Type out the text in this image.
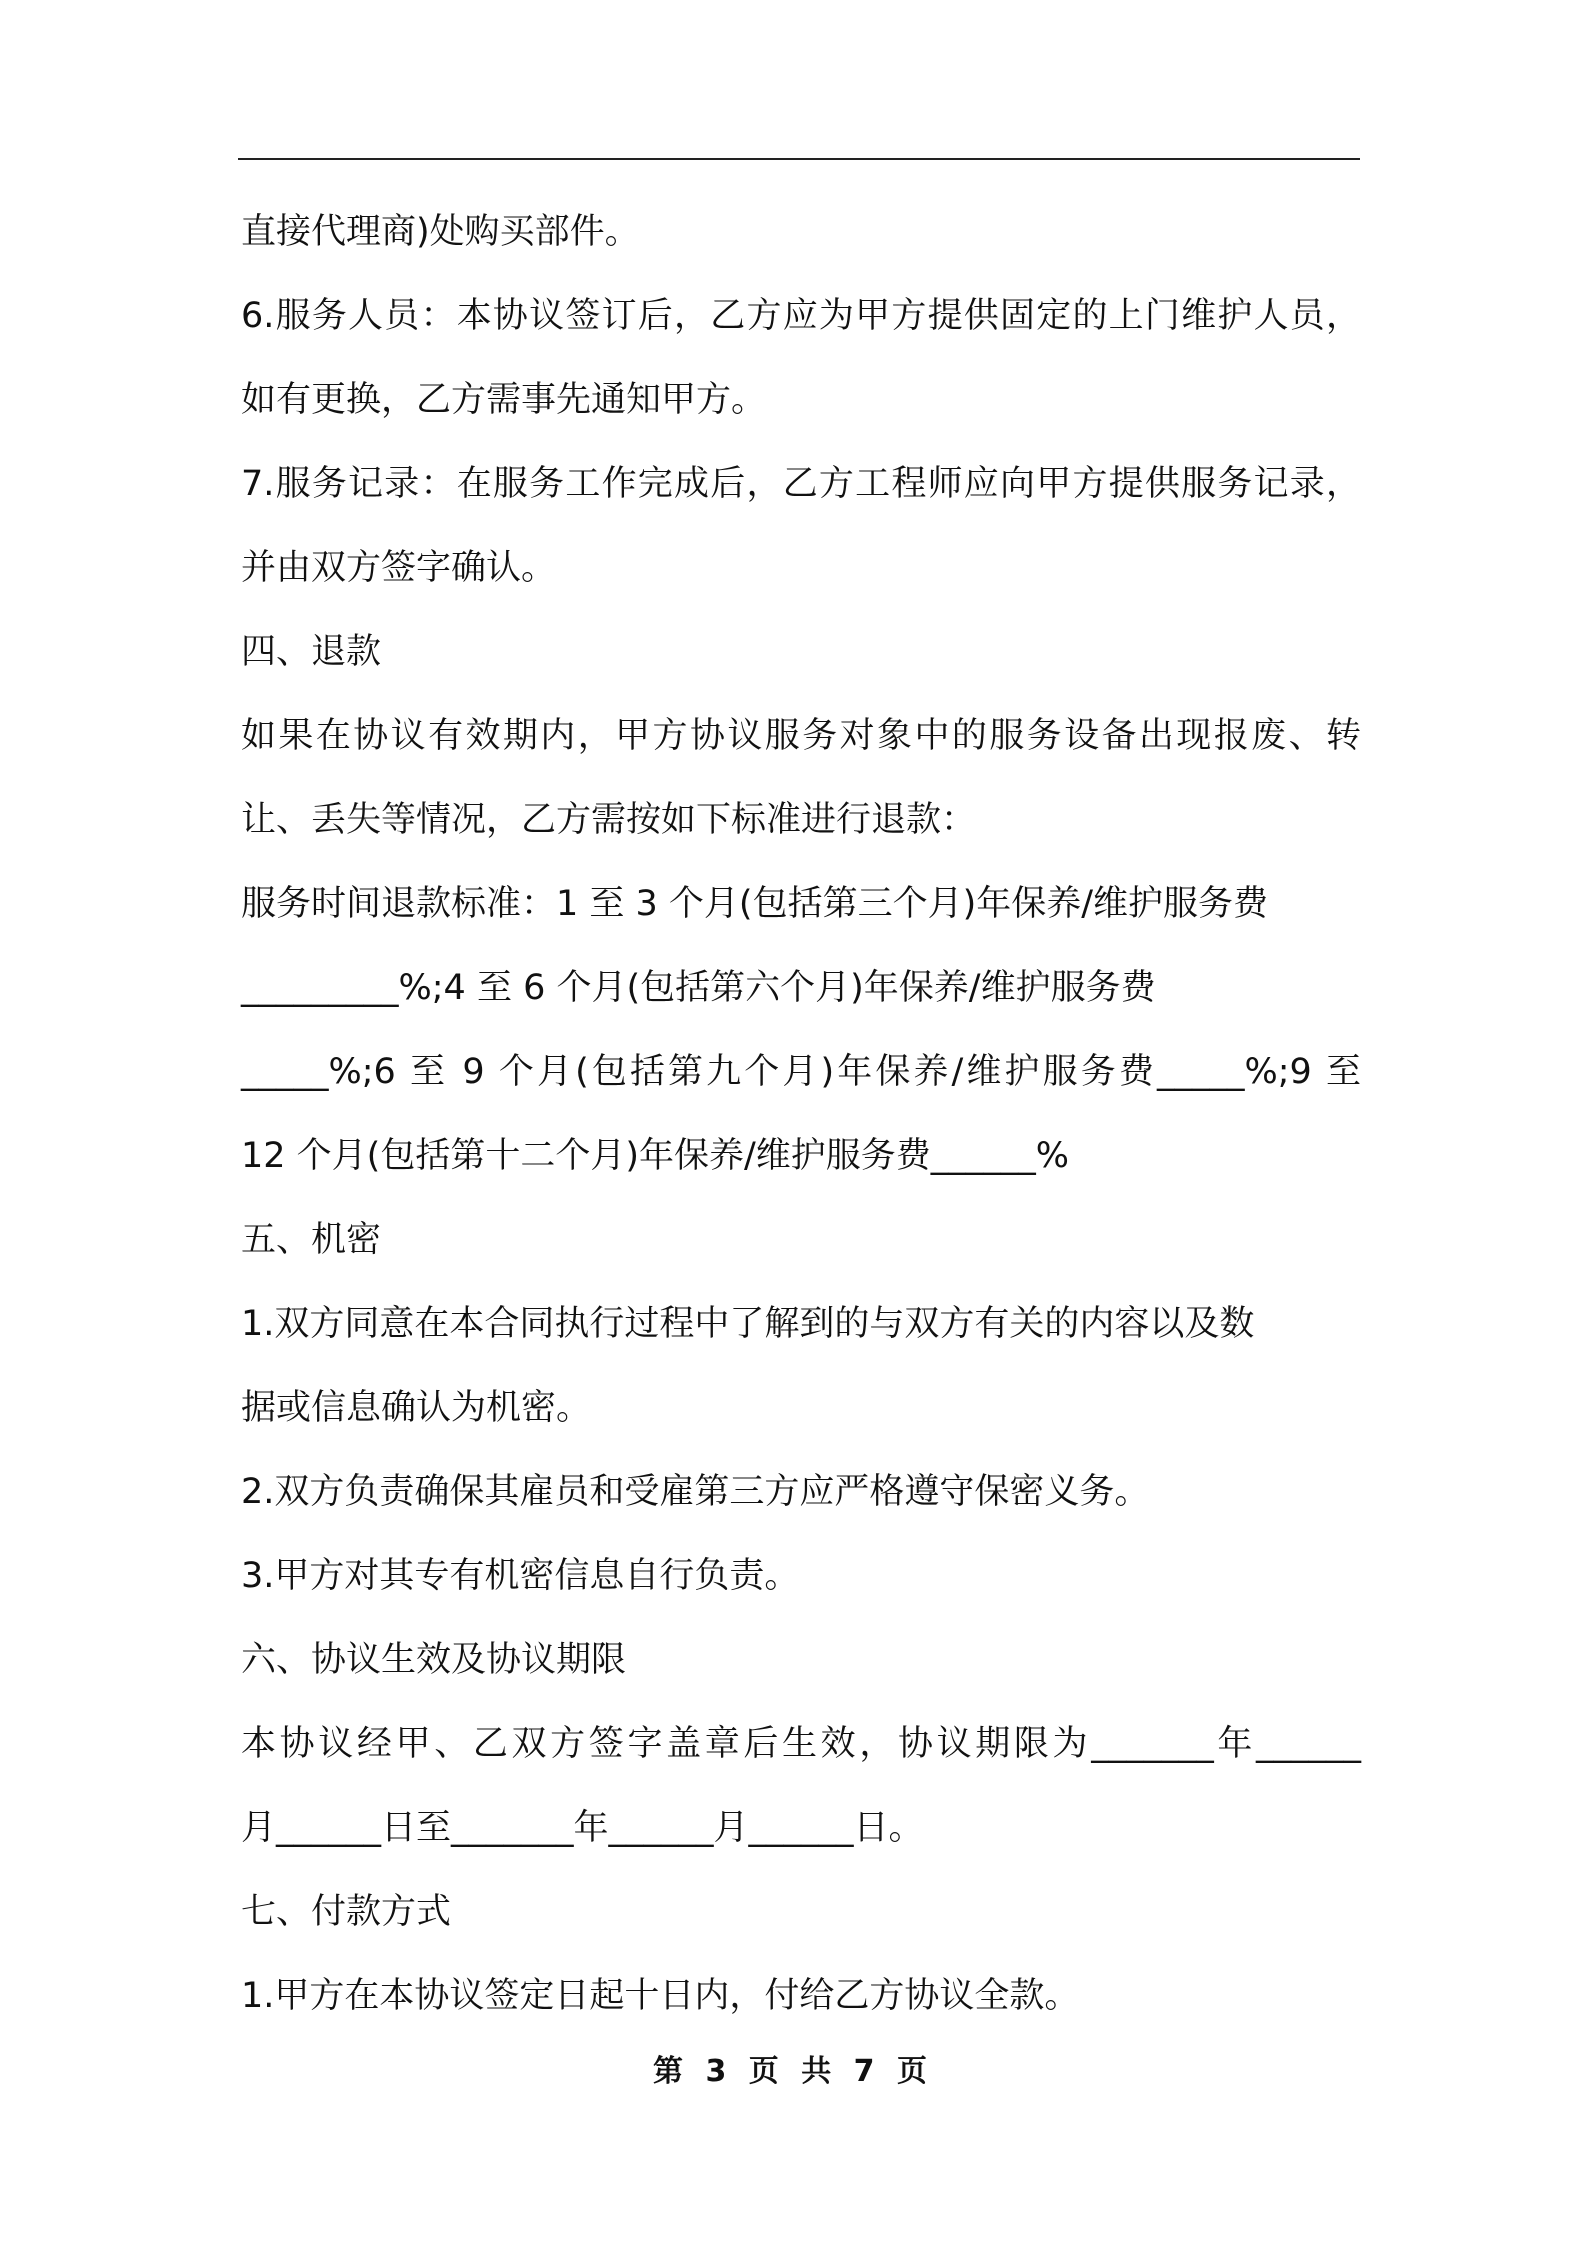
直接代理商)处购买部件。
6.服务人员：本协议签订后，乙方应为甲方提供固定的上门维护人员，
如有更换，乙方需事先通知甲方。
7.服务记录：在服务工作完成后，乙方工程师应向甲方提供服务记录，
并由双方签字确认。
四、退款
如果在协议有效期内，甲方协议服务对象中的服务设备出现报废、转
让、丢失等情况，乙方需按如下标准进行退款：
服务时间退款标准：1 至 3 个月(包括第三个月)年保养/维护服务费
_________%;4 至 6 个月(包括第六个月)年保养/维护服务费
_____%;6 至 9 个月(包括第九个月)年保养/维护服务费_____%;9 至
12 个月(包括第十二个月)年保养/维护服务费______%
五、机密
1.双方同意在本合同执行过程中了解到的与双方有关的内容以及数
据或信息确认为机密。
2.双方负责确保其雇员和受雇第三方应严格遵守保密义务。
3.甲方对其专有机密信息自行负责。
六、协议生效及协议期限
本协议经甲、乙双方签字盖章后生效，协议期限为_______年______
月______日至_______年______月______日。
七、付款方式
1.甲方在本协议签定日起十日内，付给乙方协议全款。
第 3 页 共 7 页
